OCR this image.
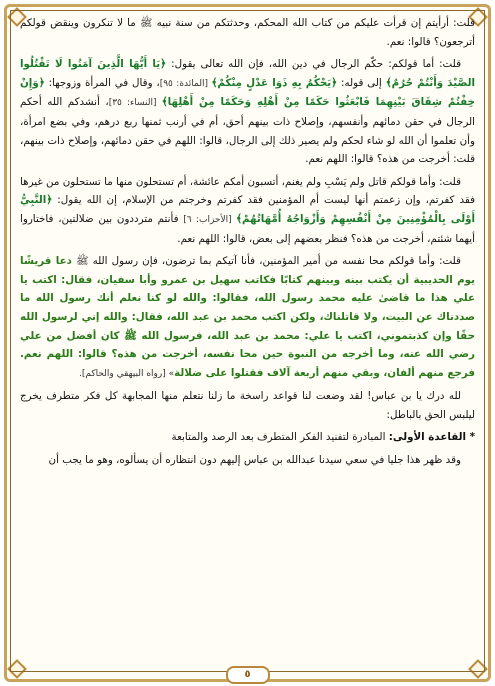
قلت: أرأيتم إن قرأت عليكم من كتاب الله المحكم، وحدثتكم من سنة نبيه ﷺ ما لا تنكرون وينقض قولكم أترجعون؟ قالوا: نعم.

قلت: أما قولكم: حكّم الرجال في دين الله، فإن الله تعالى يقول: ﴿يَا أَيُّهَا الَّذِينَ آمَنُوا لَا تَقْتُلُوا الصَّيْدَ وَأَنْتُمْ حُرُمٌ﴾ إلى قوله: ﴿يَحْكُمُ بِهِ ذَوَا عَدْلٍ مِنْكُمْ﴾ [المائدة: ٩٥]، وقال في المرأة وزوجها: ﴿وَإِنْ خِفْتُمْ شِقَاقَ بَيْنِهِمَا فَابْعَثُوا حَكَمًا مِنْ أَهْلِهِ وَحَكَمًا مِنْ أَهْلِهَا﴾ [النساء: ٣٥]، أنشدكم الله أحكم الرجال في حقن دمائهم وأنفسهم، وإصلاح ذات بينهم أحق، أم في أرنب ثمنها ربع درهم، وفي بضع امرأة، وأن تعلموا أن الله لو شاء لحكم ولم يصير ذلك إلى الرجال، قالوا: اللهم في حقن دمائهم، وإصلاح ذات بينهم، قلت: أخرجت من هذه؟ قالوا: اللهم نعم.

قلت: وأما قولكم قاتل ولم يَسْبِ ولم يغنم، أتسبون أمكم عائشة، أم تستحلون منها ما تستحلون من غيرها فقد كفرتم، وإن زعمتم أنها ليست أم المؤمنين فقد كفرتم وخرجتم من الإسلام، إن الله يقول: ﴿النَّبِيُّ أَوْلَى بِالْمُؤْمِنِينَ مِنْ أَنْفُسِهِمْ وَأَزْوَاجُهُ أُمَّهَاتُهُمْ﴾ [الأحزاب: ٦] فأنتم مترددون بين ضلالتين، فاختاروا أيهما شئتم، أخرجت من هذه؟ فنظر بعضهم إلى بعض، قالوا: اللهم نعم.

قلت: وأما قولكم محا نفسه من أمير المؤمنين، فأنا آتيكم بما ترضون، فإن رسول الله ﷺ دعا قريشًا يوم الحديبية أن يكتب بينه وبينهم كتابًا فكاتب سهيل بن عمرو وأبا سفيان، فقال: اكتب يا علي هذا ما قاضىٰ عليه محمد رسول الله، فقالوا: والله لو كنا نعلم أنك رسول الله ما صددناك عن البيت، ولا قاتلناك، ولكن اكتب محمد بن عبد الله، فقال: والله إني لرسول الله حقًا وإن كذبتموني، اكتب يا علي: محمد بن عبد الله، فرسول الله ﷺ كان أفضل من علي رضي الله عنه، وما أخرجه من النبوة حين محا نفسه، أخرجت من هذه؟ قالوا: اللهم نعم. فرجع منهم ألفان، وبقي منهم أربعة آلاف فقتلوا على ضلالة» [رواه البيهقي والحاكم].

لله درك يا بن عباس! لقد وضعت لنا قواعد راسخة ما زلنا نتعلم منها المجابهة كل فكر متطرف يخرج ليلبس الحق بالباطل:

* القاعدة الأولى: المبادرة لتفنيد الفكر المتطرف بعد الرصد والمتابعة

وقد ظهر هذا جليا في سعي سيدنا عبدالله بن عباس إليهم دون انتظاره أن يسألوه، وهو ما يجب أن

٥
